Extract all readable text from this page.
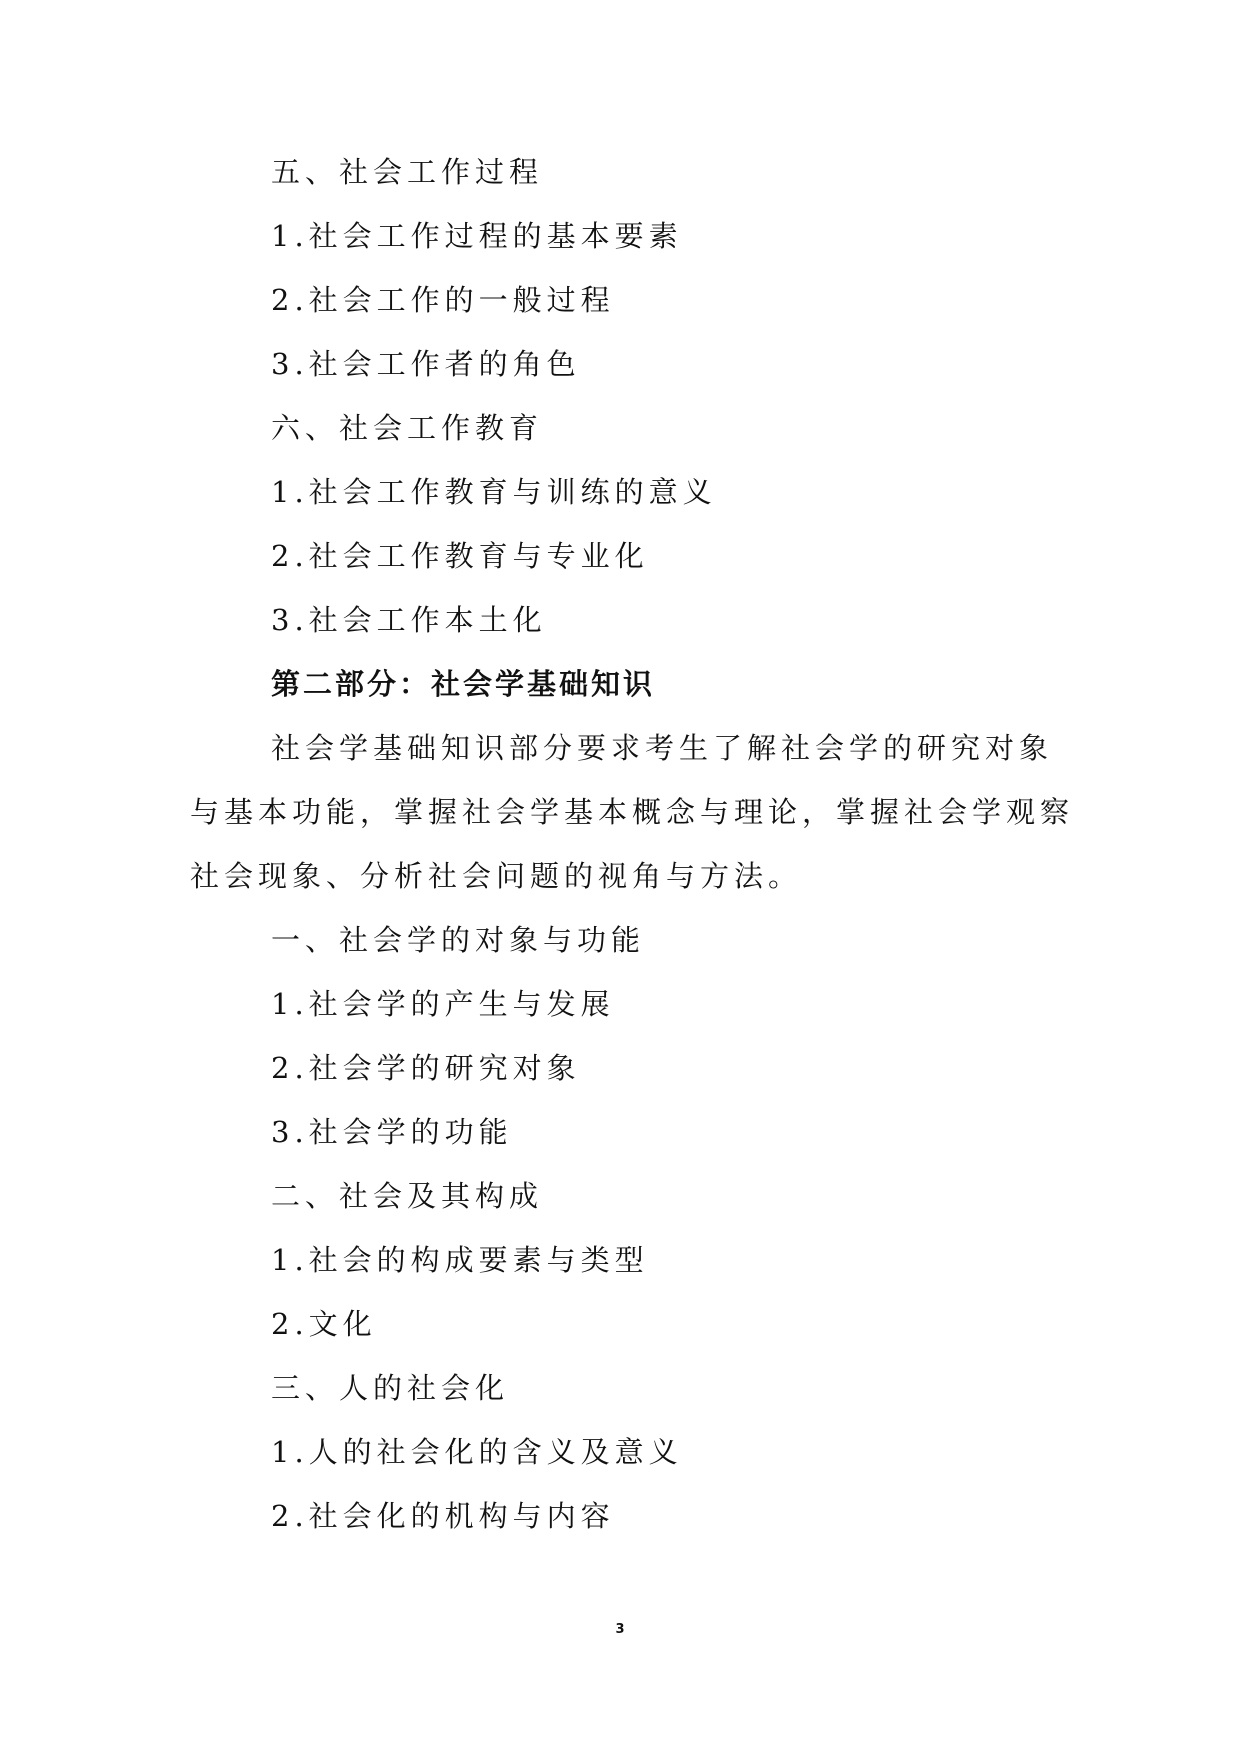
五、社会工作过程
1.社会工作过程的基本要素
2.社会工作的一般过程
3.社会工作者的角色
六、社会工作教育
1.社会工作教育与训练的意义
2.社会工作教育与专业化
3.社会工作本土化
第二部分：社会学基础知识
社会学基础知识部分要求考生了解社会学的研究对象
与基本功能，掌握社会学基本概念与理论，掌握社会学观察
社会现象、分析社会问题的视角与方法。
一、社会学的对象与功能
1.社会学的产生与发展
2.社会学的研究对象
3.社会学的功能
二、社会及其构成
1.社会的构成要素与类型
2.文化
三、人的社会化
1.人的社会化的含义及意义
2.社会化的机构与内容
3
